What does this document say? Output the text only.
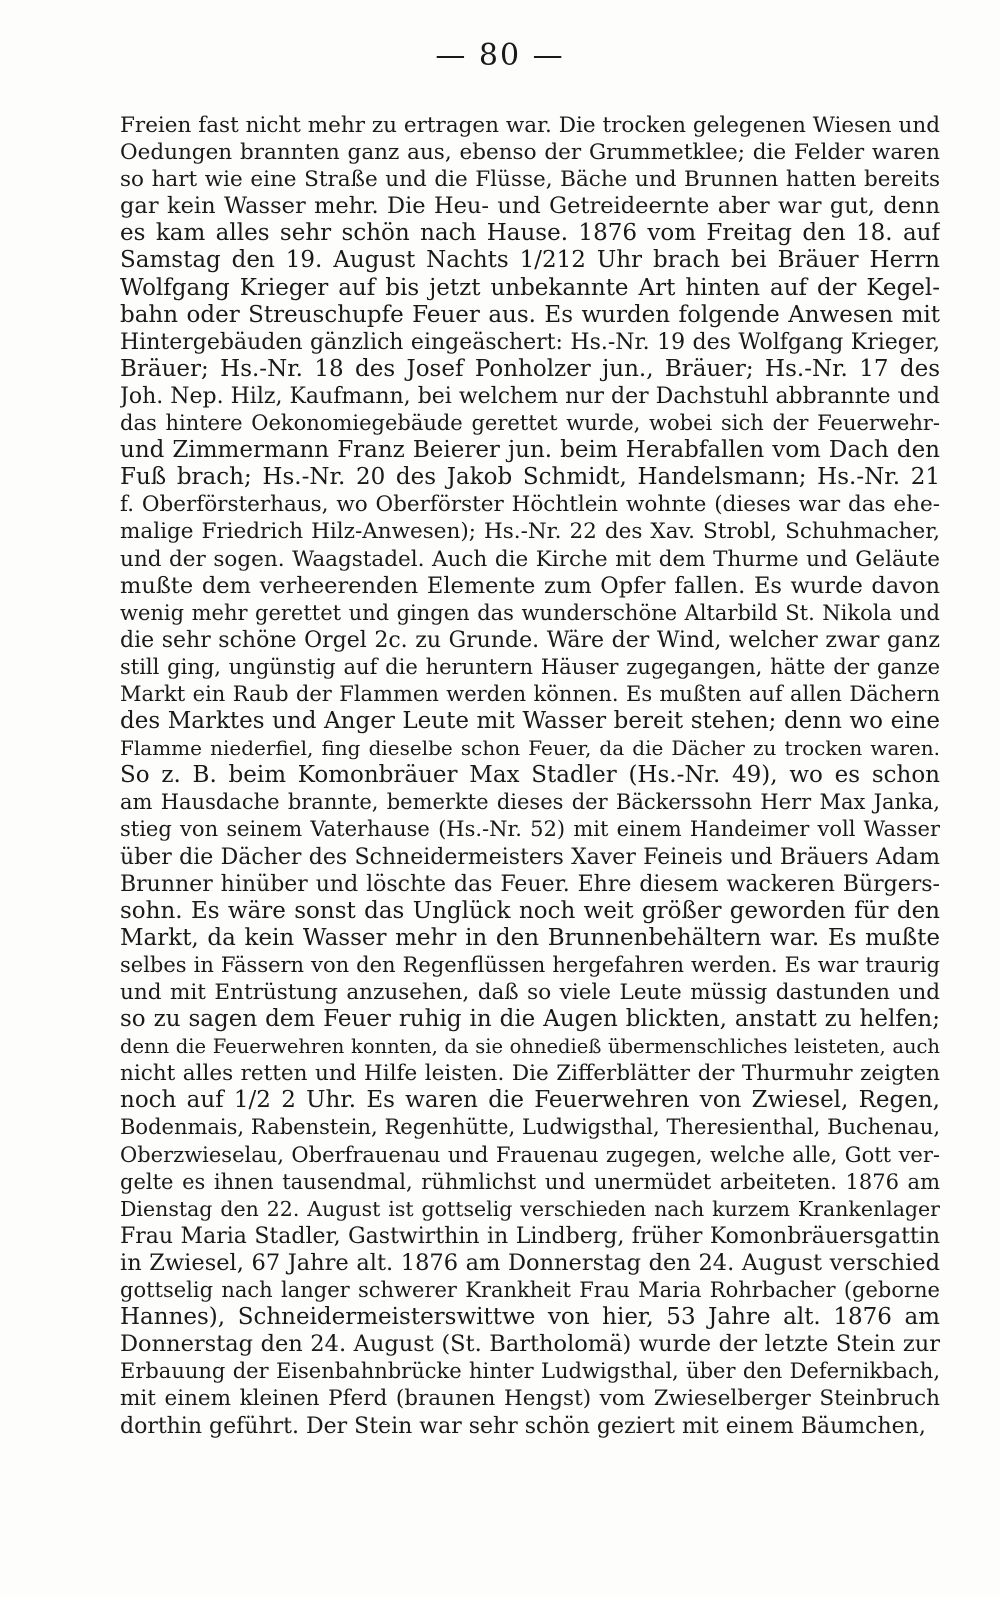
— 80 —
Freien fast nicht mehr zu ertragen war. Die trocken gelegenen Wiesen und
Oedungen brannten ganz aus, ebenso der Grummetklee; die Felder waren
so hart wie eine Straße und die Flüsse, Bäche und Brunnen hatten bereits
gar kein Wasser mehr. Die Heu- und Getreideernte aber war gut, denn
es kam alles sehr schön nach Hause. 1876 vom Freitag den 18. auf
Samstag den 19. August Nachts 1/212 Uhr brach bei Bräuer Herrn
Wolfgang Krieger auf bis jetzt unbekannte Art hinten auf der Kegel-
bahn oder Streuschupfe Feuer aus. Es wurden folgende Anwesen mit
Hintergebäuden gänzlich eingeäschert: Hs.-Nr. 19 des Wolfgang Krieger,
Bräuer; Hs.-Nr. 18 des Josef Ponholzer jun., Bräuer; Hs.-Nr. 17 des
Joh. Nep. Hilz, Kaufmann, bei welchem nur der Dachstuhl abbrannte und
das hintere Oekonomiegebäude gerettet wurde, wobei sich der Feuerwehr-
und Zimmermann Franz Beierer jun. beim Herabfallen vom Dach den
Fuß brach; Hs.-Nr. 20 des Jakob Schmidt, Handelsmann; Hs.-Nr. 21
f. Oberförsterhaus, wo Oberförster Höchtlein wohnte (dieses war das ehe-
malige Friedrich Hilz-Anwesen); Hs.-Nr. 22 des Xav. Strobl, Schuhmacher,
und der sogen. Waagstadel. Auch die Kirche mit dem Thurme und Geläute
mußte dem verheerenden Elemente zum Opfer fallen. Es wurde davon
wenig mehr gerettet und gingen das wunderschöne Altarbild St. Nikola und
die sehr schöne Orgel 2c. zu Grunde. Wäre der Wind, welcher zwar ganz
still ging, ungünstig auf die heruntern Häuser zugegangen, hätte der ganze
Markt ein Raub der Flammen werden können. Es mußten auf allen Dächern
des Marktes und Anger Leute mit Wasser bereit stehen; denn wo eine
Flamme niederfiel, fing dieselbe schon Feuer, da die Dächer zu trocken waren.
So z. B. beim Komonbräuer Max Stadler (Hs.-Nr. 49), wo es schon
am Hausdache brannte, bemerkte dieses der Bäckerssohn Herr Max Janka,
stieg von seinem Vaterhause (Hs.-Nr. 52) mit einem Handeimer voll Wasser
über die Dächer des Schneidermeisters Xaver Feineis und Bräuers Adam
Brunner hinüber und löschte das Feuer. Ehre diesem wackeren Bürgers-
sohn. Es wäre sonst das Unglück noch weit größer geworden für den
Markt, da kein Wasser mehr in den Brunnenbehältern war. Es mußte
selbes in Fässern von den Regenflüssen hergefahren werden. Es war traurig
und mit Entrüstung anzusehen, daß so viele Leute müssig dastunden und
so zu sagen dem Feuer ruhig in die Augen blickten, anstatt zu helfen;
denn die Feuerwehren konnten, da sie ohnedieß übermenschliches leisteten, auch
nicht alles retten und Hilfe leisten. Die Zifferblätter der Thurmuhr zeigten
noch auf 1/2 2 Uhr. Es waren die Feuerwehren von Zwiesel, Regen,
Bodenmais, Rabenstein, Regenhütte, Ludwigsthal, Theresienthal, Buchenau,
Oberzwieselau, Oberfrauenau und Frauenau zugegen, welche alle, Gott ver-
gelte es ihnen tausendmal, rühmlichst und unermüdet arbeiteten. 1876 am
Dienstag den 22. August ist gottselig verschieden nach kurzem Krankenlager
Frau Maria Stadler, Gastwirthin in Lindberg, früher Komonbräuersgattin
in Zwiesel, 67 Jahre alt. 1876 am Donnerstag den 24. August verschied
gottselig nach langer schwerer Krankheit Frau Maria Rohrbacher (geborne
Hannes), Schneidermeisterswittwe von hier, 53 Jahre alt. 1876 am
Donnerstag den 24. August (St. Bartholomä) wurde der letzte Stein zur
Erbauung der Eisenbahnbrücke hinter Ludwigsthal, über den Defernikbach,
mit einem kleinen Pferd (braunen Hengst) vom Zwieselberger Steinbruch
dorthin geführt. Der Stein war sehr schön geziert mit einem Bäumchen,
